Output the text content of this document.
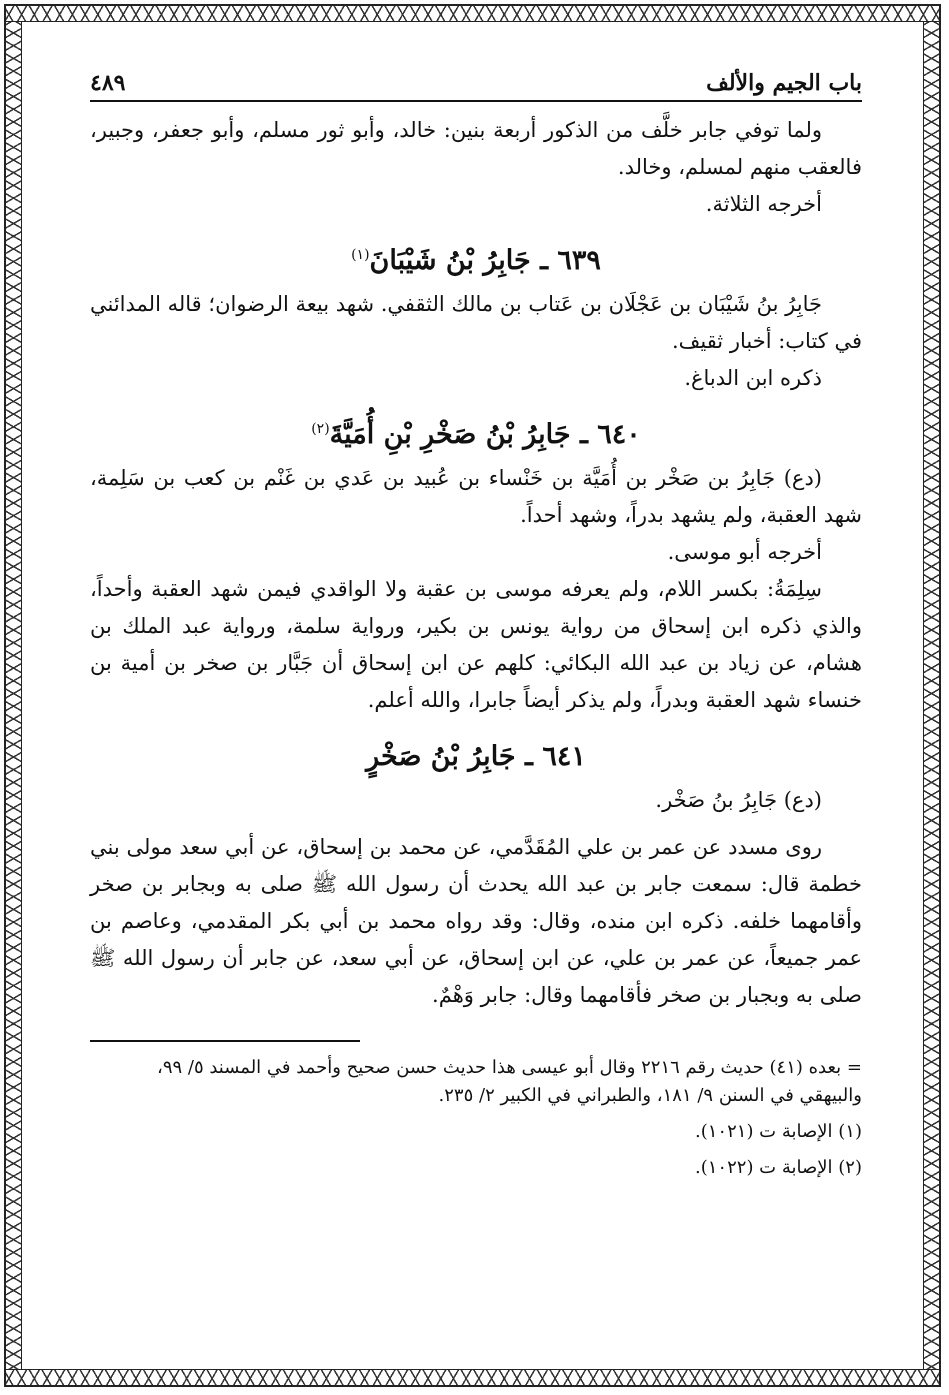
باب الجيم والألف
٤٨٩

ولما توفي جابر خلَّف من الذكور أربعة بنين: خالد، وأبو ثور مسلم، وأبو جعفر، وجبير، فالعقب منهم لمسلم، وخالد.

أخرجه الثلاثة.

٦٣٩ ـ جَابِرُ بْنُ شَيْبَانَ$^{(١)}$

جَابِرُ بنُ شَيْبَان بن عَجْلَان بن عَتاب بن مالك الثقفي. شهد بيعة الرضوان؛ قاله المدائني في كتاب: أخبار ثقيف.

ذكره ابن الدباغ.

٦٤٠ ـ جَابِرُ بْنُ صَخْرِ بْنِ أُمَيَّةَ$^{(٢)}$

(دع) جَابِرُ بن صَخْر بن أُمَيَّة بن خَنْساء بن عُبيد بن عَدي بن غَنْم بن كعب بن سَلِمة، شهد العقبة، ولم يشهد بدراً، وشهد أحداً.

أخرجه أبو موسى.

سِلِمَةُ: بكسر اللام، ولم يعرفه موسى بن عقبة ولا الواقدي فيمن شهد العقبة وأحداً، والذي ذكره ابن إسحاق من رواية يونس بن بكير، ورواية سلمة، ورواية عبد الملك بن هشام، عن زياد بن عبد الله البكائي: كلهم عن ابن إسحاق أن جَبَّار بن صخر بن أمية بن خنساء شهد العقبة وبدراً، ولم يذكر أيضاً جابرا، والله أعلم.

٦٤١ ـ جَابِرُ بْنُ صَخْرٍ

(دع) جَابِرُ بنُ صَخْر.

روى مسدد عن عمر بن علي المُقَدَّمي، عن محمد بن إسحاق، عن أبي سعد مولى بني خطمة قال: سمعت جابر بن عبد الله يحدث أن رسول الله ﷺ صلى به وبجابر بن صخر وأقامهما خلفه. ذكره ابن منده، وقال: وقد رواه محمد بن أبي بكر المقدمي، وعاصم بن عمر جميعاً، عن عمر بن علي، عن ابن إسحاق، عن أبي سعد، عن جابر أن رسول الله ﷺ صلى به وبجبار بن صخر فأقامهما وقال: جابر وَهْمٌ.

= بعده (٤١) حديث رقم ٢٢١٦ وقال أبو عيسى هذا حديث حسن صحيح وأحمد في المسند ٥/ ٩٩، والبيهقي في السنن ٩/ ١٨١، والطبراني في الكبير ٢/ ٢٣٥.

(١) الإصابة ت (١٠٢١).

(٢) الإصابة ت (١٠٢٢).
